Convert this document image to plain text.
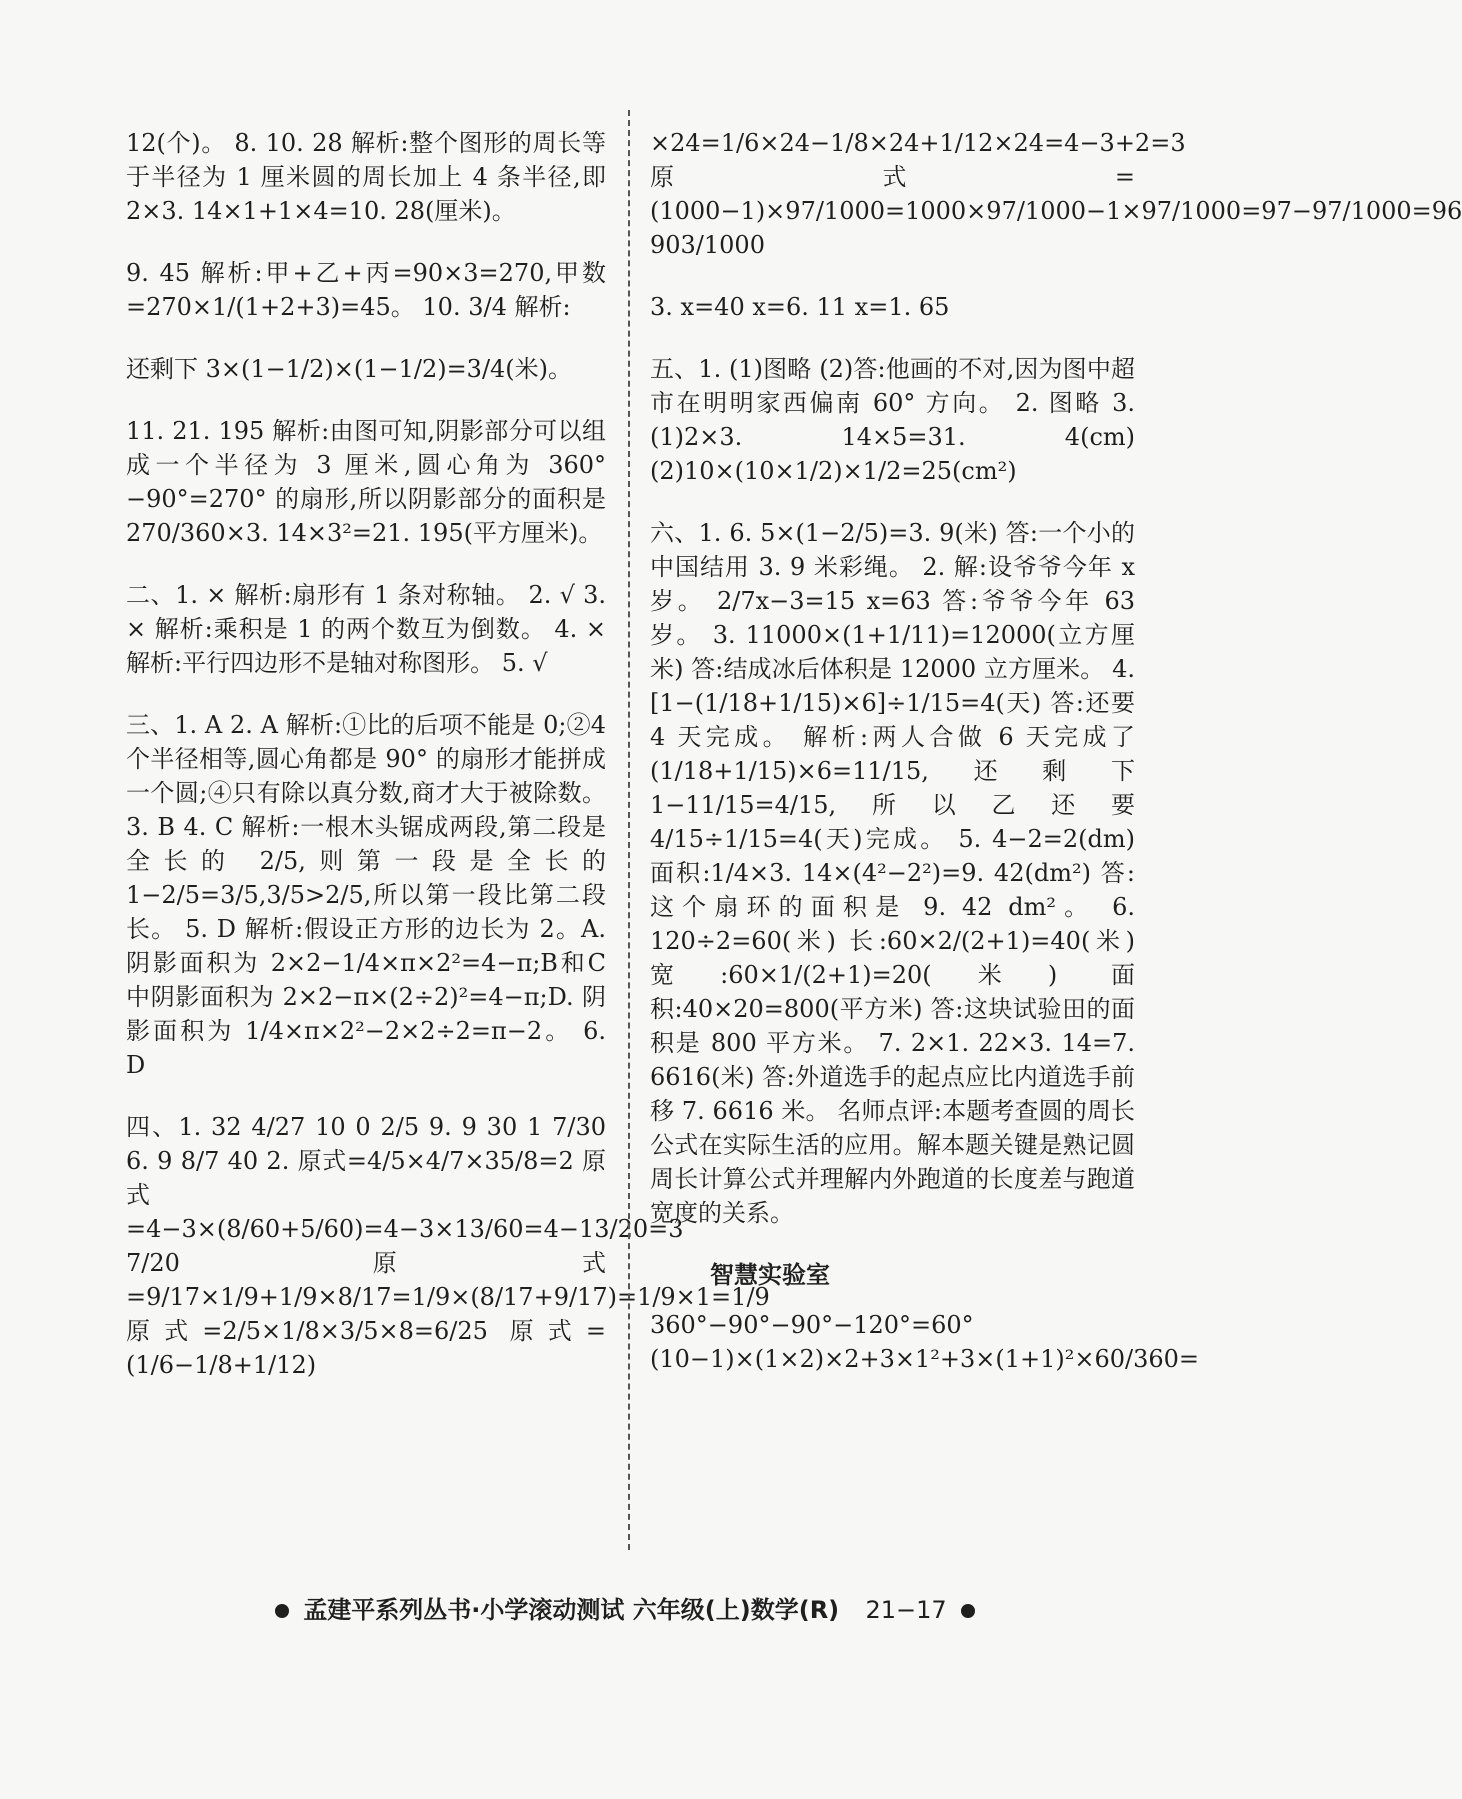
12(个)。 8. 10. 28 解析:整个图形的周长等于半径为 1 厘米圆的周长加上 4 条半径,即 2×3. 14×1+1×4=10. 28(厘米)。

9. 45 解析:甲+乙+丙=90×3=270,甲数=270×1/(1+2+3)=45。 10. 3/4 解析:

还剩下 3×(1−1/2)×(1−1/2)=3/4(米)。

11. 21. 195 解析:由图可知,阴影部分可以组成一个半径为 3 厘米,圆心角为 360°−90°=270° 的扇形,所以阴影部分的面积是 270/360×3. 14×3²=21. 195(平方厘米)。

二、1. × 解析:扇形有 1 条对称轴。 2. √ 3. × 解析:乘积是 1 的两个数互为倒数。 4. × 解析:平行四边形不是轴对称图形。 5. √

三、1. A 2. A 解析:①比的后项不能是 0;②4 个半径相等,圆心角都是 90° 的扇形才能拼成一个圆;④只有除以真分数,商才大于被除数。 3. B 4. C 解析:一根木头锯成两段,第二段是全长的 2/5,则第一段是全长的 1−2/5=3/5,3/5>2/5,所以第一段比第二段长。 5. D 解析:假设正方形的边长为 2。A. 阴影面积为 2×2−1/4×π×2²=4−π;B和C中阴影面积为 2×2−π×(2÷2)²=4−π;D. 阴影面积为 1/4×π×2²−2×2÷2=π−2。 6. D

四、1. 32 4/27 10 0 2/5 9. 9 30 1 7/30 6. 9 8/7 40 2. 原式=4/5×4/7×35/8=2 原式=4−3×(8/60+5/60)=4−3×13/60=4−13/20=3 7/20 原式=9/17×1/9+1/9×8/17=1/9×(8/17+9/17)=1/9×1=1/9 原式=2/5×1/8×3/5×8=6/25 原式=(1/6−1/8+1/12)

×24=1/6×24−1/8×24+1/12×24=4−3+2=3 原式=(1000−1)×97/1000=1000×97/1000−1×97/1000=97−97/1000=96 903/1000

3. x=40 x=6. 11 x=1. 65

五、1. (1)图略 (2)答:他画的不对,因为图中超市在明明家西偏南 60° 方向。 2. 图略 3. (1)2×3. 14×5=31. 4(cm) (2)10×(10×1/2)×1/2=25(cm²)

六、1. 6. 5×(1−2/5)=3. 9(米) 答:一个小的中国结用 3. 9 米彩绳。 2. 解:设爷爷今年 x 岁。 2/7x−3=15 x=63 答:爷爷今年 63 岁。 3. 11000×(1+1/11)=12000(立方厘米) 答:结成冰后体积是 12000 立方厘米。 4. [1−(1/18+1/15)×6]÷1/15=4(天) 答:还要 4 天完成。 解析:两人合做 6 天完成了 (1/18+1/15)×6=11/15,还剩下 1−11/15=4/15,所以乙还要 4/15÷1/15=4(天)完成。 5. 4−2=2(dm) 面积:1/4×3. 14×(4²−2²)=9. 42(dm²) 答:这个扇环的面积是 9. 42 dm²。 6. 120÷2=60(米) 长:60×2/(2+1)=40(米) 宽:60×1/(2+1)=20(米) 面积:40×20=800(平方米) 答:这块试验田的面积是 800 平方米。 7. 2×1. 22×3. 14=7. 6616(米) 答:外道选手的起点应比内道选手前移 7. 6616 米。 名师点评:本题考查圆的周长公式在实际生活的应用。解本题关键是熟记圆周长计算公式并理解内外跑道的长度差与跑道宽度的关系。

智慧实验室

360°−90°−90°−120°=60° (10−1)×(1×2)×2+3×1²+3×(1+1)²×60/360=

孟建平系列丛书·小学滚动测试 六年级(上)数学(R) 21−17
